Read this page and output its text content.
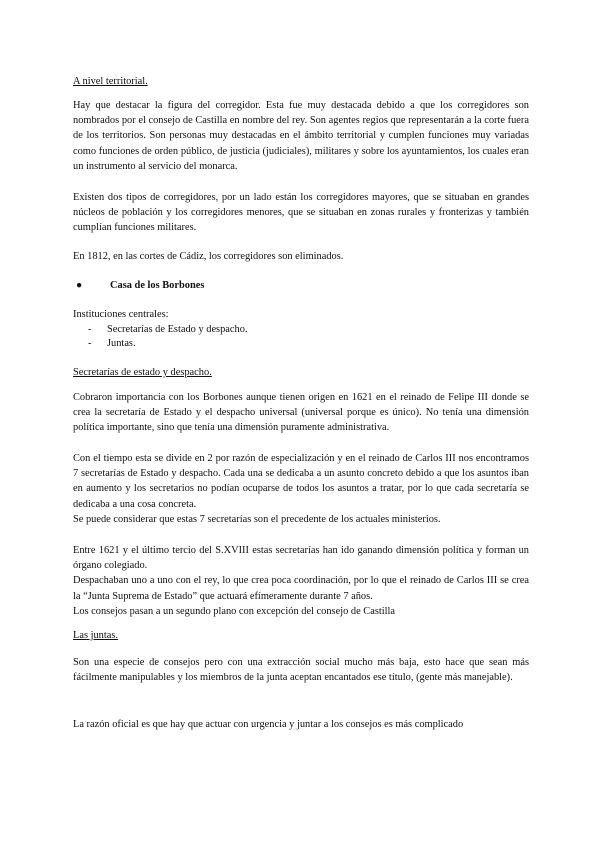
A nivel territorial.
Hay que destacar la figura del corregidor. Esta fue muy destacada debido a que los corregidores son nombrados por el consejo de Castilla en nombre del rey. Son agentes regios que representarán a la corte fuera de los territorios. Son personas muy destacadas en el ámbito territorial y cumplen funciones muy variadas como funciones de orden público, de justicia (judiciales), militares y sobre los ayuntamientos, los cuales eran un instrumento al servicio del monarca.
Existen dos tipos de corregidores, por un lado están los corregidores mayores, que se situaban en grandes núcleos de población y los corregidores menores, que se situaban en zonas rurales y fronterizas y también cumplían funciones militares.
En 1812, en las cortes de Cádiz, los corregidores son eliminados.
●	Casa de los Borbones
Instituciones centrales:
- Secretarías de Estado y despacho.
- Juntas.
Secretarías de estado y despacho.
Cobraron importancia con los Borbones aunque tienen origen en 1621 en el reinado de Felipe III donde se crea la secretaría de Estado y el despacho universal (universal porque es único). No tenía una dimensión política importante, sino que tenía una dimensión puramente administrativa.

Con el tiempo esta se divide en 2 por razón de especialización y en el reinado de Carlos III nos encontramos 7 secretarías de Estado y despacho. Cada una se dedicaba a un asunto concreto debido a que los asuntos iban en aumento y los secretarios no podían ocuparse de todos los asuntos a tratar, por lo que cada secretaría se dedicaba a una cosa concreta.

Se puede considerar que estas 7 secretarías son el precedente de los actuales ministerios.

Entre 1621 y el último tercio del S.XVIII estas secretarías han ido ganando dimensión política y forman un órgano colegiado.

Despachaban uno a uno con el rey, lo que crea poca coordinación, por lo que el reinado de Carlos III se crea la “Junta Suprema de Estado” que actuará efímeramente durante 7 años.

Los consejos pasan a un segundo plano con excepción del consejo de Castilla

Las juntas.
Son una especie de consejos pero con una extracción social mucho más baja, esto hace que sean más fácilmente manipulables y los miembros de la junta aceptan encantados ese título, (gente más manejable).
La razón oficial es que hay que actuar con urgencia y juntar a los consejos es más complicado
